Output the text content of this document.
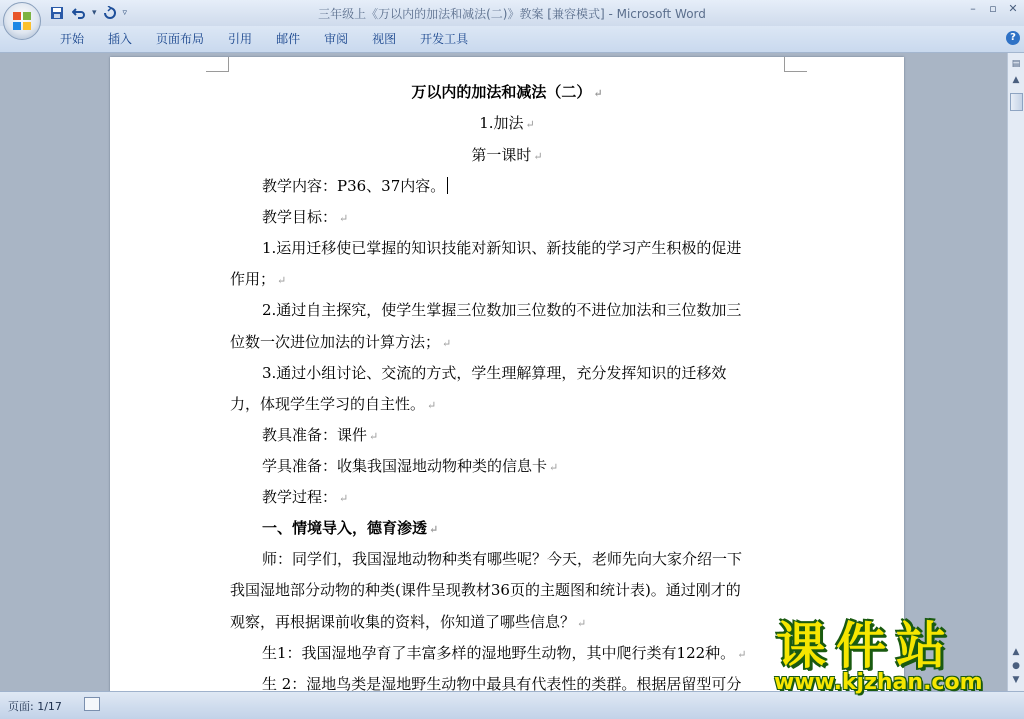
▾	▿	三年级上《万以内的加法和减法(二)》教案 [兼容模式] - Microsoft Word	–	▫ ✕
开始	插入	页面布局	引用	邮件	审阅	视图	开发工具	?
万以内的加法和减法（二） ↵
1.加法 ↵
第一课时 ↵
教学内容：P36、37内容。
教学目标： ↵
1.运用迁移使已掌握的知识技能对新知识、新技能的学习产生积极的促进
作用； ↵
2.通过自主探究，使学生掌握三位数加三位数的不进位加法和三位数加三
位数一次进位加法的计算方法； ↵
3.通过小组讨论、交流的方式，学生理解算理，充分发挥知识的迁移效
力，体现学生学习的自主性。 ↵
教具准备：课件 ↵
学具准备：收集我国湿地动物种类的信息卡 ↵
教学过程： ↵
一、情境导入，德育渗透 ↵
师：同学们，我国湿地动物种类有哪些呢？今天，老师先向大家介绍一下
我国湿地部分动物的种类(课件呈现教材36页的主题图和统计表)。通过刚才的
观察，再根据课前收集的资料，你知道了哪些信息？ ↵
生1：我国湿地孕育了丰富多样的湿地野生动物，其中爬行类有122种。 ↵
生 2：湿地鸟类是湿地野生动物中最具有代表性的类群。根据居留型可分
▤
▲
▲
●
▼
页面: 1/17
课件站
www.kjzhan.com
